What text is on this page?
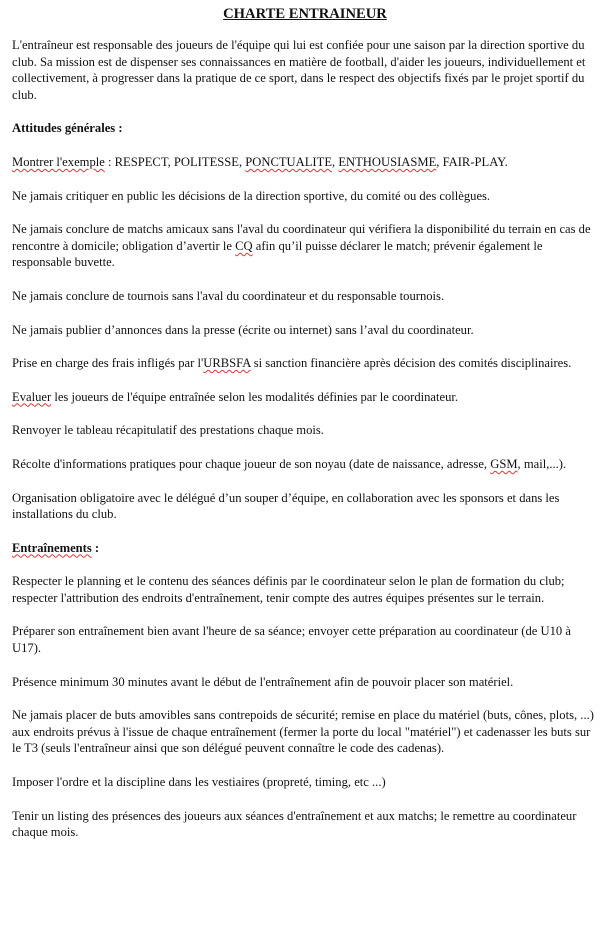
CHARTE ENTRAINEUR

L'entraîneur est responsable des joueurs de l'équipe qui lui est confiée pour une saison par la direction sportive du club. Sa mission est de dispenser ses connaissances en matière de football, d'aider les joueurs, individuellement et collectivement, à progresser dans la pratique de ce sport, dans le respect des objectifs fixés par le projet sportif du club.

Attitudes générales :

Montrer l'exemple : RESPECT, POLITESSE, PONCTUALITE, ENTHOUSIASME, FAIR-PLAY.

Ne jamais critiquer en public les décisions de la direction sportive, du comité ou des collègues.

Ne jamais conclure de matchs amicaux sans l'aval du coordinateur qui vérifiera la disponibilité du terrain en cas de rencontre à domicile; obligation d’avertir le CQ afin qu’il puisse déclarer le match; prévenir également le responsable buvette.

Ne jamais conclure de tournois sans l'aval du coordinateur et du responsable tournois.

Ne jamais publier d’annonces dans la presse (écrite ou internet) sans l’aval du coordinateur.

Prise en charge des frais infligés par l'URBSFA si sanction financière après décision des comités disciplinaires.

Evaluer les joueurs de l'équipe entraînée selon les modalités définies par le coordinateur.

Renvoyer le tableau récapitulatif des prestations chaque mois.

Récolte d'informations pratiques pour chaque joueur de son noyau (date de naissance, adresse, GSM, mail,...).

Organisation obligatoire avec le délégué d’un souper d’équipe, en collaboration avec les sponsors et dans les installations du club.

Entraînements :

Respecter le planning et le contenu des séances définis par le coordinateur selon le plan de formation du club; respecter l'attribution des endroits d'entraînement, tenir compte des autres équipes présentes sur le terrain.

Préparer son entraînement bien avant l'heure de sa séance; envoyer cette préparation au coordinateur (de U10 à U17).

Présence minimum 30 minutes avant le début de l'entraînement afin de pouvoir placer son matériel.

Ne jamais placer de buts amovibles sans contrepoids de sécurité; remise en place du matériel (buts, cônes, plots, ...) aux endroits prévus à l'issue de chaque entraînement (fermer la porte du local "matériel") et cadenasser les buts sur le T3 (seuls l'entraîneur ainsi que son délégué peuvent connaître le code des cadenas).

Imposer l'ordre et la discipline dans les vestiaires (propreté, timing, etc ...)

Tenir un listing des présences des joueurs aux séances d'entraînement et aux matchs; le remettre au coordinateur chaque mois.
